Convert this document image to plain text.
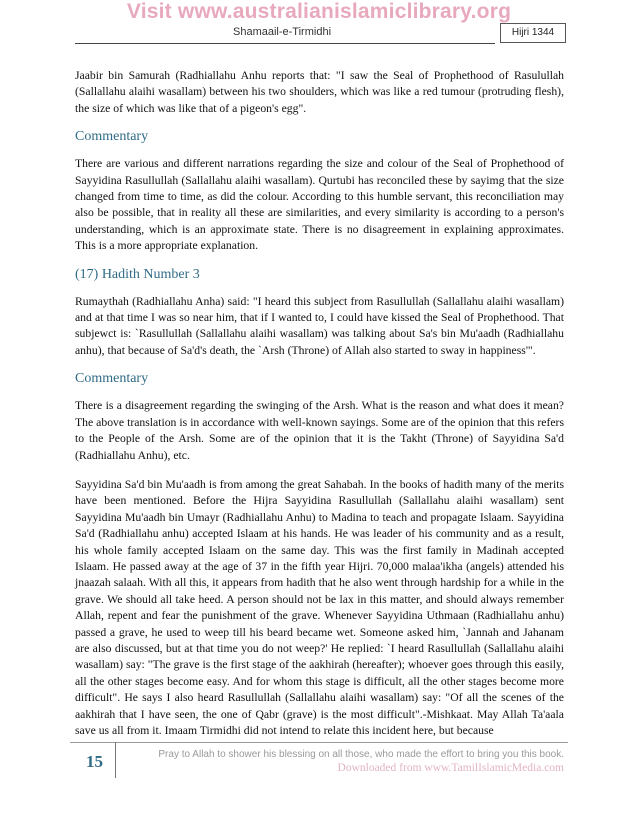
Visit www.australianislamiclibrary.org
Shamaail-e-Tirmidhi	Hijri 1344

Jaabir bin Samurah (Radhiallahu Anhu reports that: "I saw the Seal of Prophethood of Rasulullah (Sallallahu alaihi wasallam) between his two shoulders, which was like a red tumour (protruding flesh), the size of which was like that of a pigeon's egg".

Commentary

There are various and different narrations regarding the size and colour of the Seal of Prophethood of Sayyidina Rasullullah (Sallallahu alaihi wasallam). Qurtubi has reconciled these by sayimg that the size changed from time to time, as did the colour. According to this humble servant, this reconciliation may also be possible, that in reality all these are similarities, and every similarity is according to a person's understanding, which is an approximate state. There is no disagreement in explaining approximates. This is a more appropriate explanation.

(17) Hadith Number 3

Rumaythah (Radhiallahu Anha) said: "I heard this subject from Rasullullah (Sallallahu alaihi wasallam) and at that time I was so near him, that if I wanted to, I could have kissed the Seal of Prophethood. That subjewct is: `Rasullullah (Sallallahu alaihi wasallam) was talking about Sa's bin Mu'aadh (Radhiallahu anhu), that because of Sa'd's death, the `Arsh (Throne) of Allah also started to sway in happiness'".

Commentary

There is a disagreement regarding the swinging of the Arsh. What is the reason and what does it mean? The above translation is in accordance with well-known sayings. Some are of the opinion that this refers to the People of the Arsh. Some are of the opinion that it is the Takht (Throne) of Sayyidina Sa'd (Radhiallahu Anhu), etc.

Sayyidina Sa'd bin Mu'aadh is from among the great Sahabah. In the books of hadith many of the merits have been mentioned. Before the Hijra Sayyidina Rasullullah (Sallallahu alaihi wasallam) sent Sayyidina Mu'aadh bin Umayr (Radhiallahu Anhu) to Madina to teach and propagate Islaam. Sayyidina Sa'd (Radhiallahu anhu) accepted Islaam at his hands. He was leader of his community and as a result, his whole family accepted Islaam on the same day. This was the first family in Madinah accepted Islaam. He passed away at the age of 37 in the fifth year Hijri. 70,000 malaa'ikha (angels) attended his jnaazah salaah. With all this, it appears from hadith that he also went through hardship for a while in the grave. We should all take heed. A person should not be lax in this matter, and should always remember Allah, repent and fear the punishment of the grave. Whenever Sayyidina Uthmaan (Radhiallahu anhu) passed a grave, he used to weep till his beard became wet. Someone asked him, `Jannah and Jahanam are also discussed, but at that time you do not weep?' He replied: `I heard Rasullullah (Sallallahu alaihi wasallam) say: "The grave is the first stage of the aakhirah (hereafter); whoever goes through this easily, all the other stages become easy. And for whom this stage is difficult, all the other stages become more difficult". He says I also heard Rasullullah (Sallallahu alaihi wasallam) say: "Of all the scenes of the aakhirah that I have seen, the one of Qabr (grave) is the most difficult".-Mishkaat. May Allah Ta'aala save us all from it. Imaam Tirmidhi did not intend to relate this incident here, but because

15	Pray to Allah to shower his blessing on all those, who made the effort to bring you this book.
Downloaded from www.TamilIslamicMedia.com
